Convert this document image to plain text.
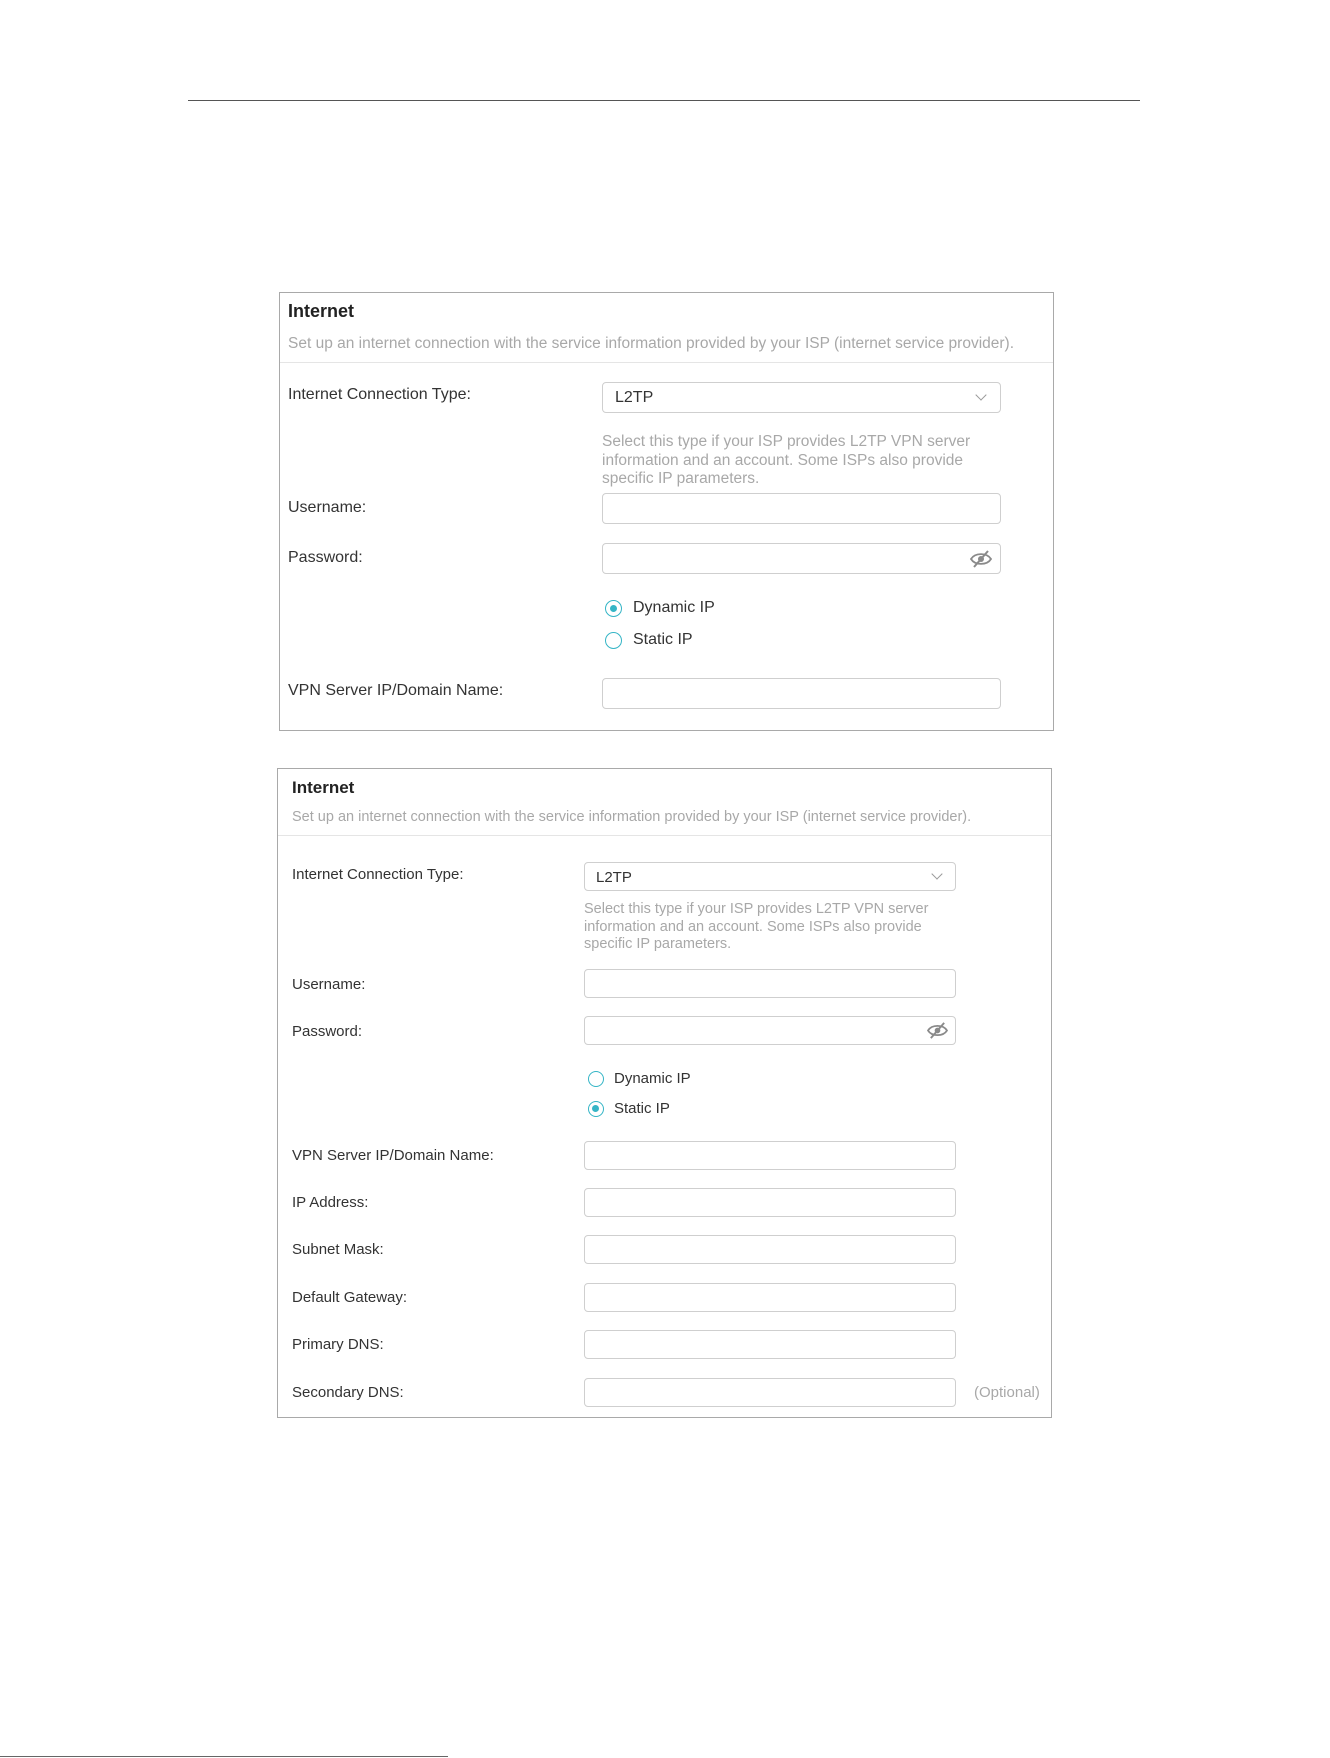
Internet
Set up an internet connection with the service information provided by your ISP (internet service provider).
Internet Connection Type:	L2TP
Select this type if your ISP provides L2TP VPN server information and an account. Some ISPs also provide specific IP parameters.
Username:
Password:
Dynamic IP
Static IP
VPN Server IP/Domain Name:
Internet
Set up an internet connection with the service information provided by your ISP (internet service provider).
Internet Connection Type:	L2TP
Select this type if your ISP provides L2TP VPN server information and an account. Some ISPs also provide specific IP parameters.
Username:
Password:
Dynamic IP
Static IP
VPN Server IP/Domain Name:
IP Address:
Subnet Mask:
Default Gateway:
Primary DNS:
Secondary DNS:	(Optional)
